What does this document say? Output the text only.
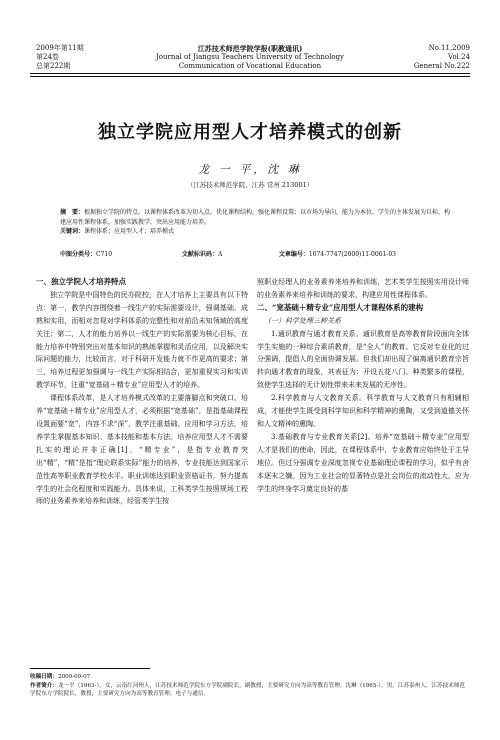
2009年第11期
第24卷
总第222期
江苏技术师范学院学报(职教通讯)
Journal of Jiangsu Teachers University of Technology
Communication of Vocational Education
No.11,2009
Vol.24
General No.222
独立学院应用型人才培养模式的创新
龙 一 平，沈 琳
（江苏技术师范学院，江苏 常州 213001）
摘　要：根据独立学院的特点，以课程体系改革为切入点，优化课程结构，强化课程设置；以市场为导向，能力为本位，学生的主体发展为目标，构建应用性课程体系，加强实践教学，突出应用能力培养。
关键词：课程体系；应用型人才；培养模式
中图分类号：C710	文献标识码：A	文章编号：1674-7747(2009)11-0061-03
一、独立学院人才培养特点

独立学院是中国特色的民办院校，在人才培养上主要具有以下特点：第一，教学内容围绕着一线生产的实际需要设计，强调基础、成熟和实用，而相对忽视对学科体系的完整性和对前沿未知领域的高度关注；第二，人才的能力培养以一线生产的实际需要为核心目标，在能力培养中特别突出对基本知识的熟练掌握和灵活应用，以及解决实际问题的能力，比较而言，对于科研开发能力就不作更高的要求；第三，培养过程更加强调与一线生产实际相结合，更加重视实习和实训教学环节，注重“宽基础＋精专业”应用型人才的培养。

课程体系改革，是人才培养模式改革的主要落脚点和突破口。培养“宽基础＋精专业”应用型人才，必须根据“宽基础”，是指基础课程设置面要“宽”，内容不求“深”，教学注重基础、应用和学习方法，培养学生掌握基本知识、基本技能和基本方法。培养应用型人才不需要扎实的理论并非正确[1]，“精专业”，是指专业教育突出“精”，“精”是指“理论联系实际”能力的培养，专业技能达到国家示范性高等职业教育学校水平。职业训练达到职业资格证书，努力提高学生的社会化程度和实践能力。具体来说，工科类学生按照规场工程师的业务素养来培养和训练，经管类学生按

照职业经理人的业务素养来培养和训练，艺术类学生按照实用设计师的业务素养来培养和训练的要求，构建应用性课程体系。

二、“宽基础＋精专业”应用型人才课程体系的建构
（一）科学处理三种关系

1.通识教育与通才教育关系。通识教育是高等教育阶段面向全体学生实施的一种综合素质教育，是“全人”的教育。它反对专业化的过分强调，提倡人的全面协调发展。但我们却出现了偏离通识教育宗旨转向通才教育的现象，其表征为：开设五花八门、种类繁多的课程，致使学生选择的无计划性带来未来发展的无序性。

2.科学教育与人文教育关系。科学教育与人文教育只有相辅相成，才能使学生既受到科学知识和科学精神的熏陶，又受到道德关怀和人文精神的熏陶。

3.基础教育与专业教育关系[2]。培养“宽基础＋精专业”应用型人才是我们的使命，因此，在课程体系中，专业教育应始终处于主导地位。但过分强调专业深度忽视专业基础理论课程的学习，似乎有舍本逐末之嫌。因为工业社会的显著特点是社会岗位的流动性大，应为学生的终身学习奠定良好的基

收稿日期：2009-09-07
作者简介：龙一平（1963-），女，云南红河州人，江苏技术师范学院东方学院副院长，副教授，主要研究方向为高等教育管理。沈琳（1965-），男，江苏泰州人，江苏技术师范学院东方学院院长，教授，主要研究方向为高等教育管理、电子与通信。
